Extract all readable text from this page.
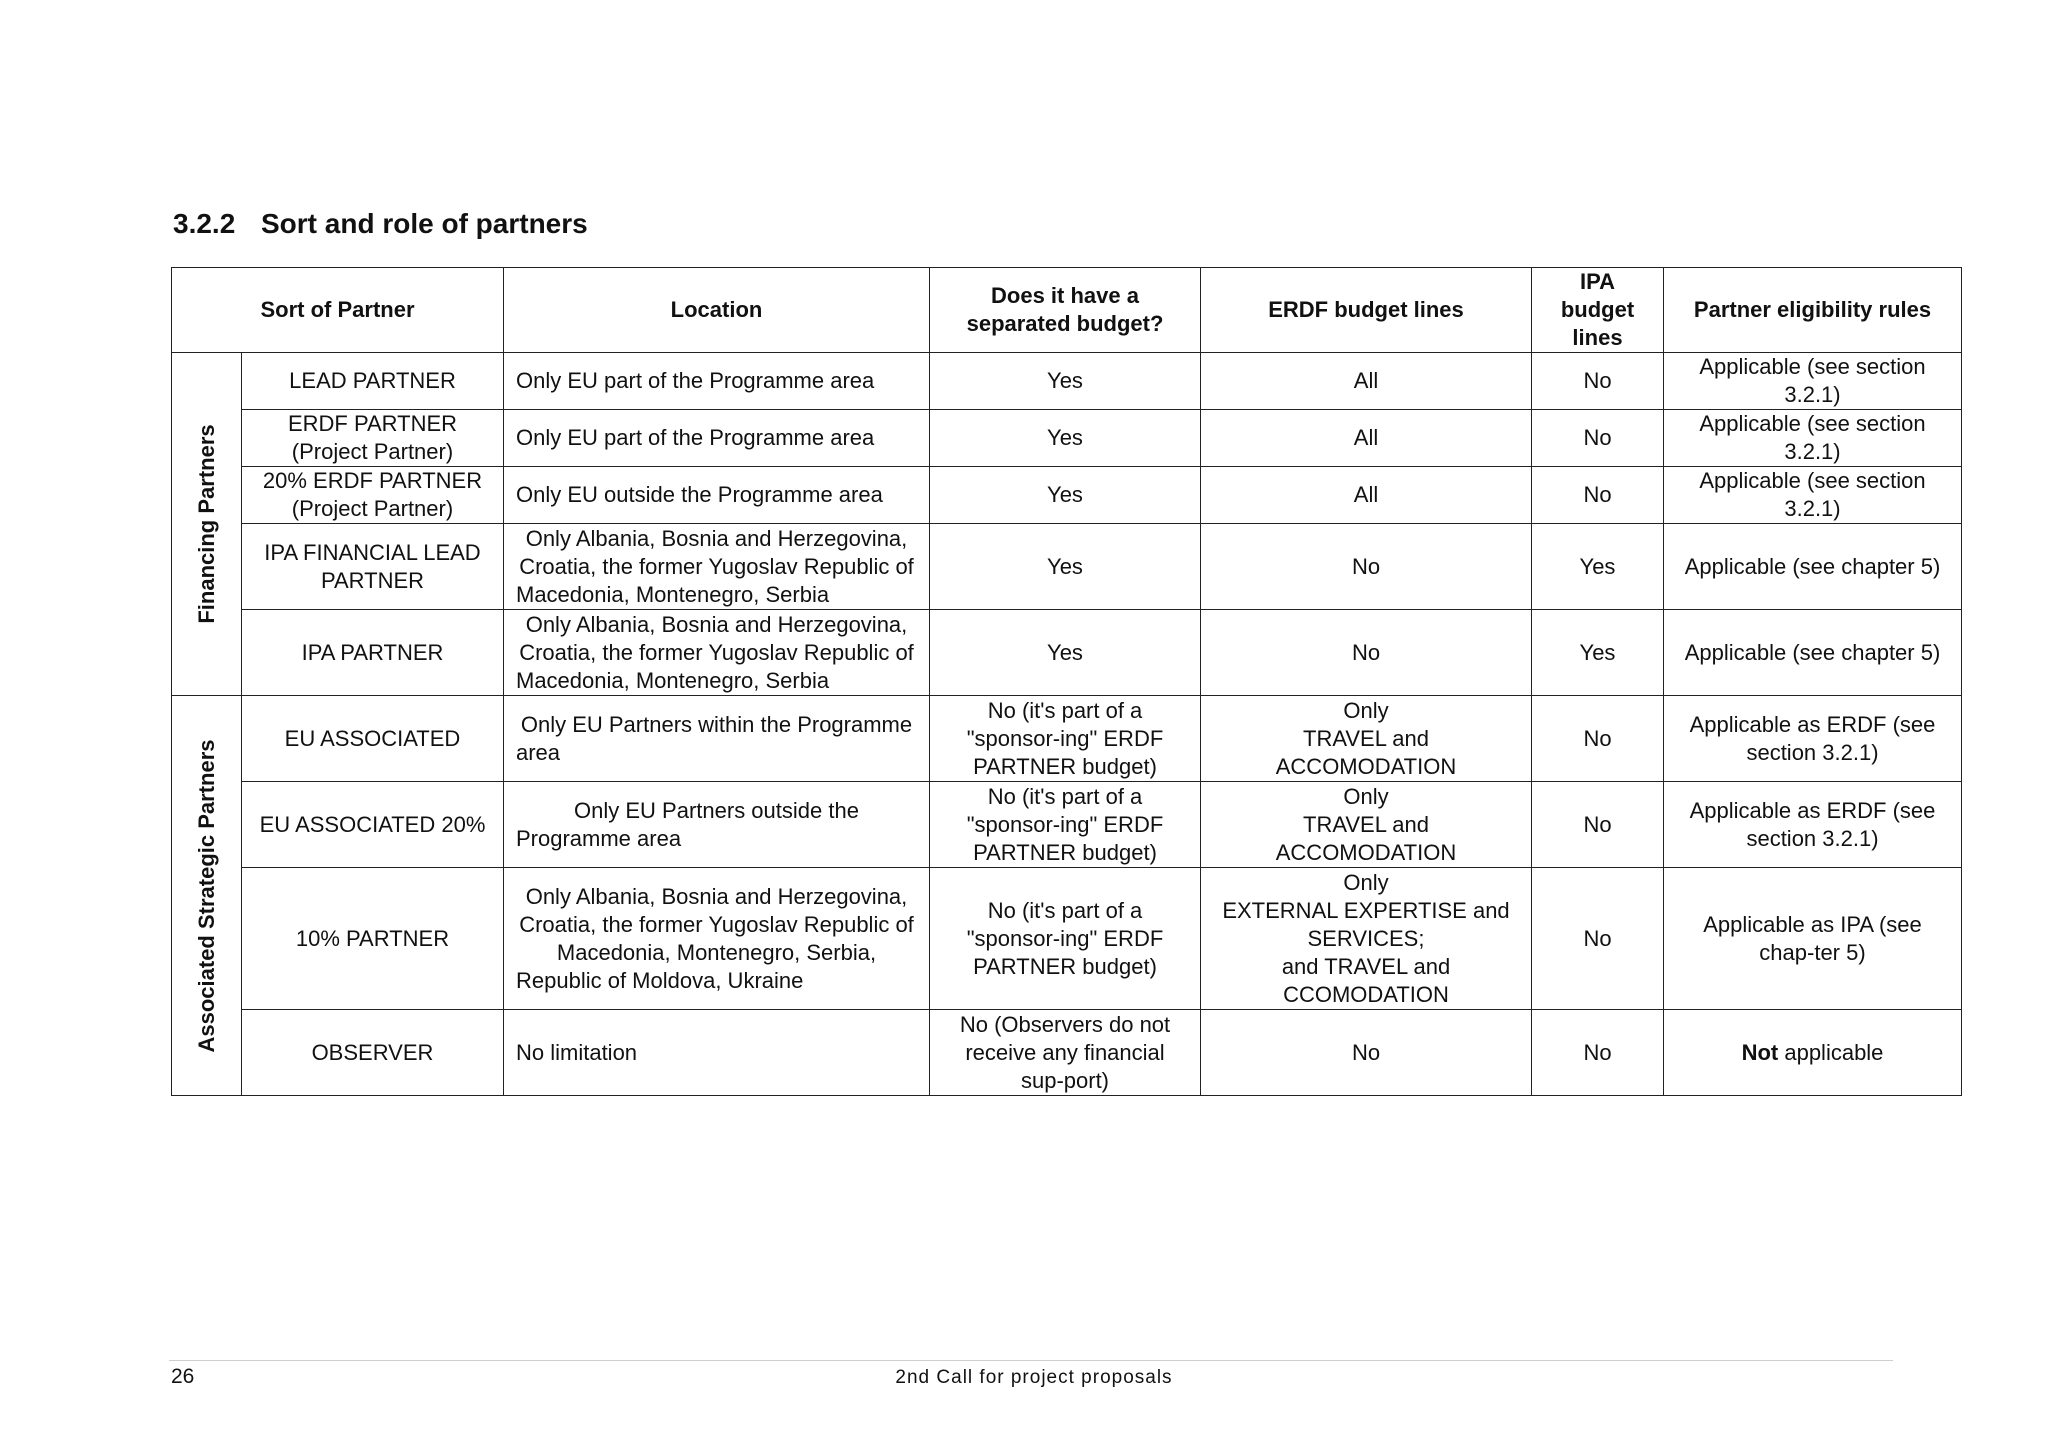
3.2.2 Sort and role of partners
Sort of Partner		Location	Does it have a separated budget?	ERDF budget lines	IPA budget lines	Partner eligibility rules

Financing Partners	LEAD PARTNER	Only EU part of the Programme area	Yes	All	No	Applicable (see section 3.2.1)
	ERDF PARTNER (Project Partner)	Only EU part of the Programme area	Yes	All	No	Applicable (see section 3.2.1)
	20% ERDF PARTNER (Project Partner)	Only EU outside the Programme area	Yes	All	No	Applicable (see section 3.2.1)
	IPA FINANCIAL LEAD PARTNER	Only Albania, Bosnia and Herzegovina, Croatia, the former Yugoslav Republic of Macedonia, Montenegro, Serbia	Yes	No	Yes	Applicable (see chapter 5)
	IPA PARTNER	Only Albania, Bosnia and Herzegovina, Croatia, the former Yugoslav Republic of Macedonia, Montenegro, Serbia	Yes	No	Yes	Applicable (see chapter 5)

Associated Strategic Partners	EU ASSOCIATED	Only EU Partners within the Programme area	No (it's part of a "sponsor-ing" ERDF PARTNER budget)	Only
TRAVEL and ACCOMODATION	No	Applicable as ERDF (see section 3.2.1)
	EU ASSOCIATED 20%	Only EU Partners outside the Programme area	No (it's part of a "sponsor-ing" ERDF PARTNER budget)	Only
TRAVEL and ACCOMODATION	No	Applicable as ERDF (see section 3.2.1)
	10% PARTNER	Only Albania, Bosnia and Herzegovina, Croatia, the former Yugoslav Republic of Macedonia, Montenegro, Serbia, Republic of Moldova, Ukraine	No (it's part of a "sponsor-ing" ERDF PARTNER budget)	Only
EXTERNAL EXPERTISE and SERVICES;
and TRAVEL and CCOMODATION	No	Applicable as IPA (see chap-ter 5)
	OBSERVER	No limitation	No (Observers do not receive any financial sup-port)	No	No	Not applicable
26	2nd Call for project proposals
